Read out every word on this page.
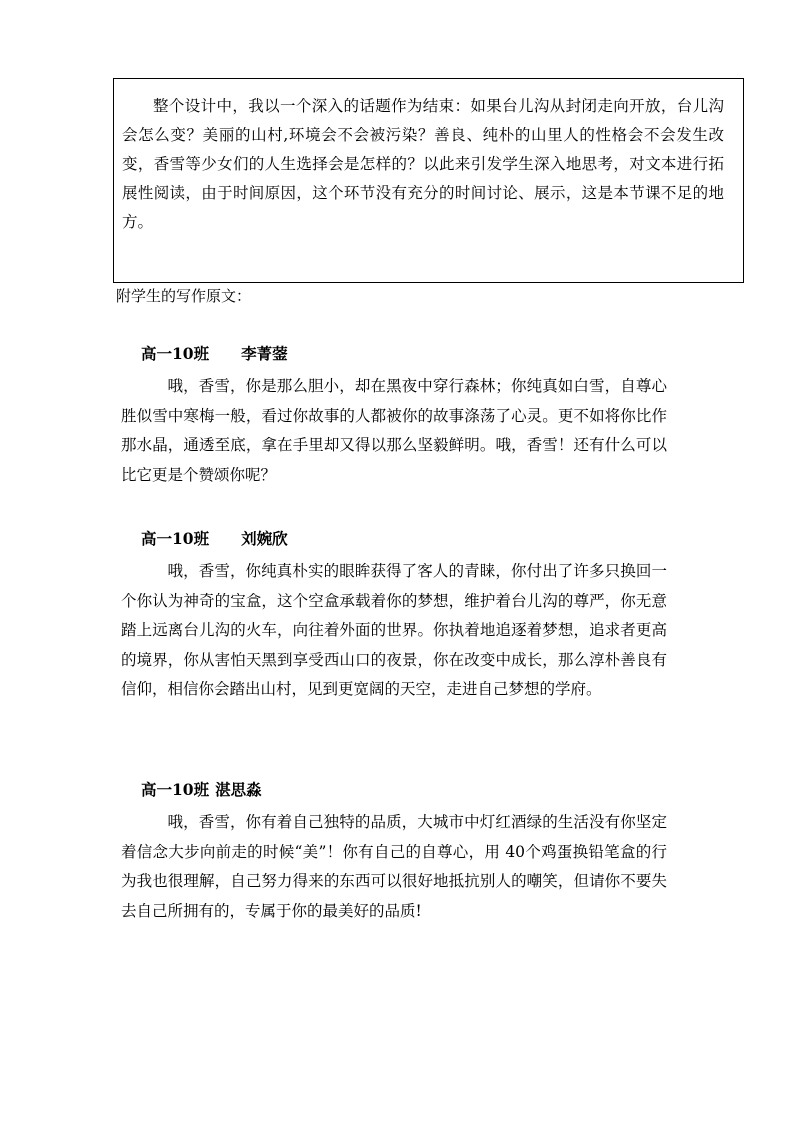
整个设计中，我以一个深入的话题作为结束：如果台儿沟从封闭走向开放，台儿沟会怎么变？美丽的山村,环境会不会被污染？善良、纯朴的山里人的性格会不会发生改变，香雪等少女们的人生选择会是怎样的？以此来引发学生深入地思考，对文本进行拓展性阅读，由于时间原因，这个环节没有充分的时间讨论、展示，这是本节课不足的地方。

附学生的写作原文：

高一10班 李菁蓥

哦，香雪，你是那么胆小，却在黑夜中穿行森林；你纯真如白雪，自尊心胜似雪中寒梅一般，看过你故事的人都被你的故事涤荡了心灵。更不如将你比作那水晶，通透至底，拿在手里却又得以那么坚毅鲜明。哦，香雪！还有什么可以比它更是个赞颂你呢？

高一10班 刘婉欣

哦，香雪，你纯真朴实的眼眸获得了客人的青睐，你付出了许多只换回一个你认为神奇的宝盒，这个空盒承载着你的梦想，维护着台儿沟的尊严，你无意踏上远离台儿沟的火车，向往着外面的世界。你执着地追逐着梦想，追求者更高的境界，你从害怕天黑到享受西山口的夜景，你在改变中成长，那么淳朴善良有信仰，相信你会踏出山村，见到更宽阔的天空，走进自己梦想的学府。

高一10班 湛思淼

哦，香雪，你有着自己独特的品质，大城市中灯红酒绿的生活没有你坚定着信念大步向前走的时候“美”！你有自己的自尊心，用 40个鸡蛋换铅笔盒的行为我也很理解，自己努力得来的东西可以很好地抵抗别人的嘲笑，但请你不要失去自己所拥有的，专属于你的最美好的品质!
